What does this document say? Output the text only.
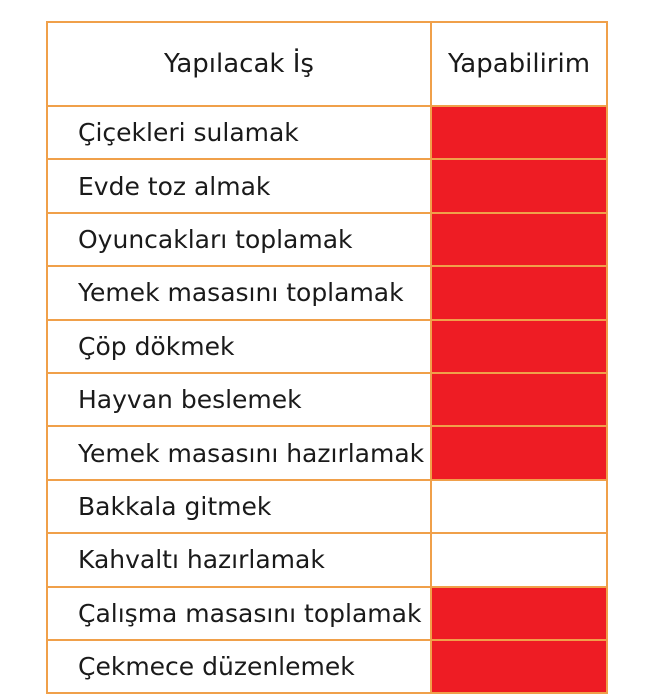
Yapılacak İş	Yapabilirim
Çiçekleri sulamak	
Evde toz almak	
Oyuncakları toplamak	
Yemek masasını toplamak	
Çöp dökmek	
Hayvan beslemek	
Yemek masasını hazırlamak	
Bakkala gitmek	
Kahvaltı hazırlamak	
Çalışma masasını toplamak	
Çekmece düzenlemek	
